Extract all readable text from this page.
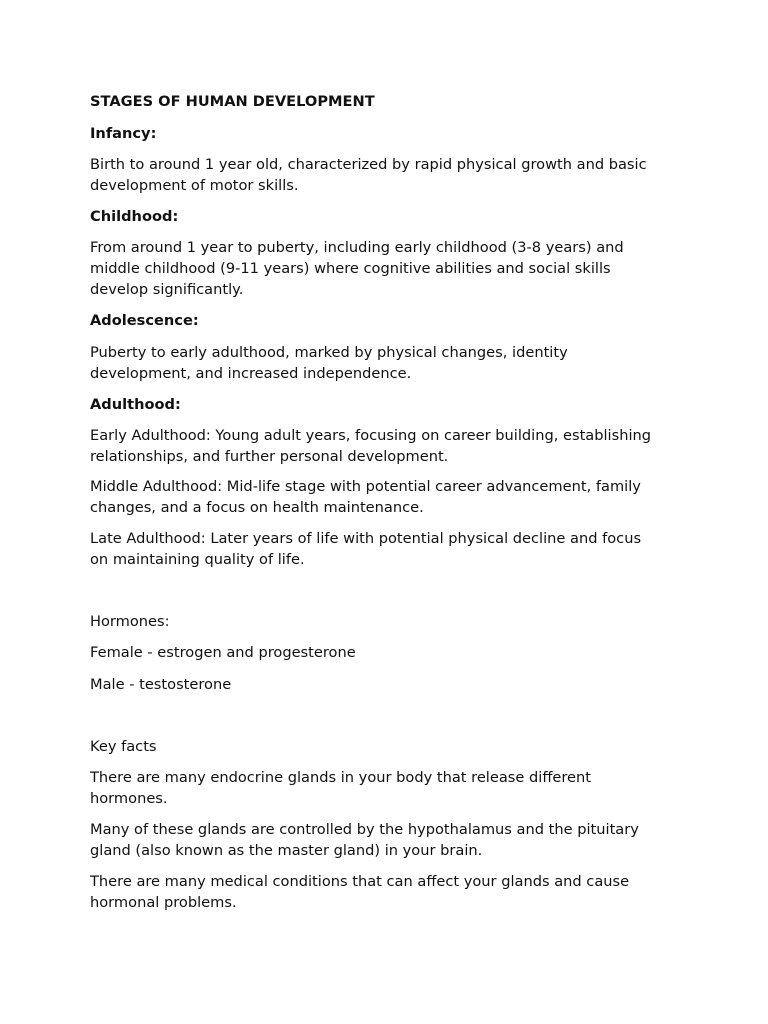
STAGES OF HUMAN DEVELOPMENT
Infancy:
Birth to around 1 year old, characterized by rapid physical growth and basic
development of motor skills.
Childhood:
From around 1 year to puberty, including early childhood (3-8 years) and
middle childhood (9-11 years) where cognitive abilities and social skills
develop significantly.
Adolescence:
Puberty to early adulthood, marked by physical changes, identity
development, and increased independence.
Adulthood:
Early Adulthood: Young adult years, focusing on career building, establishing
relationships, and further personal development.
Middle Adulthood: Mid-life stage with potential career advancement, family
changes, and a focus on health maintenance.
Late Adulthood: Later years of life with potential physical decline and focus
on maintaining quality of life.
Hormones:
Female - estrogen and progesterone
Male - testosterone
Key facts
There are many endocrine glands in your body that release different
hormones.
Many of these glands are controlled by the hypothalamus and the pituitary
gland (also known as the master gland) in your brain.
There are many medical conditions that can affect your glands and cause
hormonal problems.
